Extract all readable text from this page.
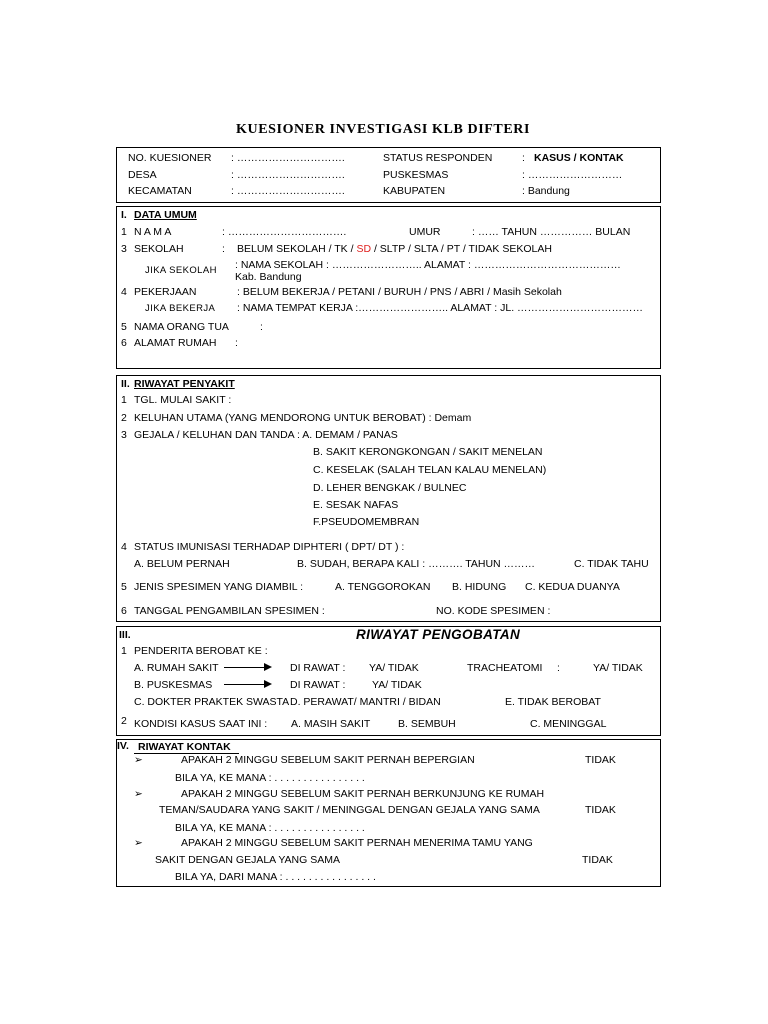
KUESIONER INVESTIGASI KLB DIFTERI
NO. KUESIONER : ………………………….
DESA	: ………………………….
KECAMATAN	: ………………………….
STATUS RESPONDEN	: KASUS / KONTAK
PUSKESMAS	: ………………………
KABUPATEN	: Bandung
I. DATA UMUM
1 N A M A	: …………………………….	UMUR	: …… TAHUN …………… BULAN
3 SEKOLAH	: BELUM SEKOLAH / TK / SD / SLTP / SLTA / PT / TIDAK SEKOLAH
JIKA SEKOLAH : NAMA SEKOLAH : …………………….. ALAMAT : ……………………………………
Kab. Bandung
4 PEKERJAAN	: BELUM BEKERJA / PETANI / BURUH / PNS / ABRI / Masih Sekolah
JIKA BEKERJA : NAMA TEMPAT KERJA :…………………….. ALAMAT : JL. ………………………………
5 NAMA ORANG TUA	:
6 ALAMAT RUMAH :
II. RIWAYAT PENYAKIT
1 TGL. MULAI SAKIT :
2 KELUHAN UTAMA (YANG MENDORONG UNTUK BEROBAT) : Demam
3 GEJALA / KELUHAN DAN TANDA : A. DEMAM / PANAS
B. SAKIT KERONGKONGAN / SAKIT MENELAN
C. KESELAK (SALAH TELAN KALAU MENELAN)
D. LEHER BENGKAK / BULNEC
E. SESAK NAFAS
F.PSEUDOMEMBRAN
4 STATUS IMUNISASI TERHADAP DIPHTERI ( DPT/ DT ) :
A. BELUM PERNAH	B. SUDAH, BERAPA KALI : ………. TAHUN ………	C. TIDAK TAHU
5 JENIS SPESIMEN YANG DIAMBIL :	A. TENGGOROKAN B. HIDUNG C. KEDUA DUANYA
6 TANGGAL PENGAMBILAN SPESIMEN :	NO. KODE SPESIMEN :
III.	RIWAYAT PENGOBATAN
1 PENDERITA BEROBAT KE :
A. RUMAH SAKIT	DI RAWAT : YA/ TIDAK	TRACHEATOMI :	YA/ TIDAK
B. PUSKESMAS	DI RAWAT :	YA/ TIDAK
C. DOKTER PRAKTEK SWASTA D. PERAWAT/ MANTRI / BIDAN	E. TIDAK BEROBAT
2 KONDISI KASUS SAAT INI : A. MASIH SAKIT	B. SEMBUH	C. MENINGGAL
IV. RIWAYAT KONTAK
➢	APAKAH 2 MINGGU SEBELUM SAKIT PERNAH BEPERGIAN	TIDAK
BILA YA, KE MANA : . . . . . . . . . . . . . . . .
➢	APAKAH 2 MINGGU SEBELUM SAKIT PERNAH BERKUNJUNG KE RUMAH
TEMAN/SAUDARA YANG SAKIT / MENINGGAL DENGAN GEJALA YANG SAMA	TIDAK
BILA YA, KE MANA : . . . . . . . . . . . . . . . .
➢	APAKAH 2 MINGGU SEBELUM SAKIT PERNAH MENERIMA TAMU YANG
SAKIT DENGAN GEJALA YANG SAMA	TIDAK
BILA YA, DARI MANA : . . . . . . . . . . . . . . . .
